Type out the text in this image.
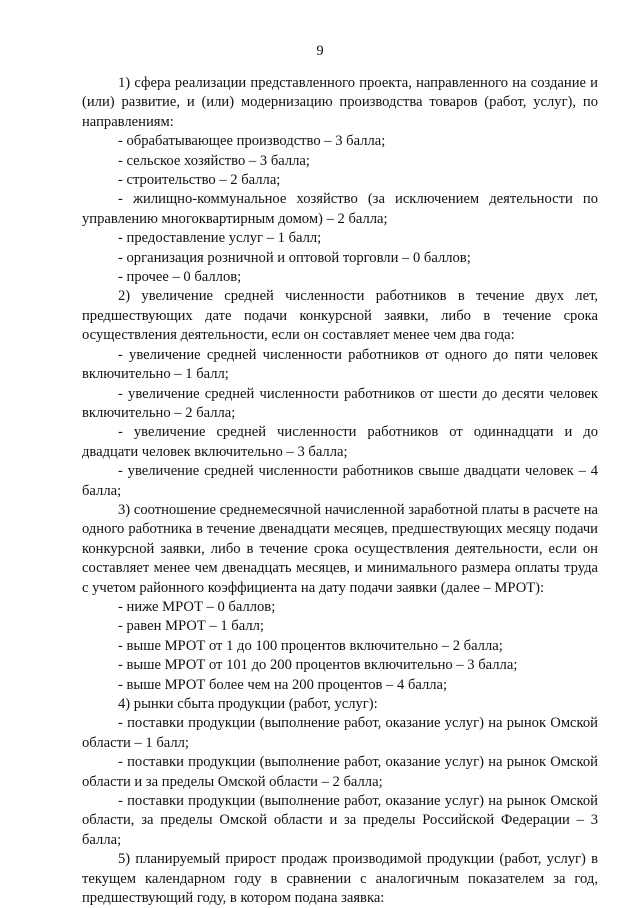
9

1) сфера реализации представленного проекта, направленного на создание и (или) развитие, и (или) модернизацию производства товаров (работ, услуг), по направлениям:

- обрабатывающее производство – 3 балла;

- сельское хозяйство – 3 балла;

- строительство – 2 балла;

- жилищно-коммунальное хозяйство (за исключением деятельности по управлению многоквартирным домом) – 2 балла;

- предоставление услуг – 1 балл;

- организация розничной и оптовой торговли – 0 баллов;

- прочее – 0 баллов;

2) увеличение средней численности работников в течение двух лет, предшествующих дате подачи конкурсной заявки, либо в течение срока осуществления деятельности, если он составляет менее чем два года:

- увеличение средней численности работников от одного до пяти человек включительно – 1 балл;

- увеличение средней численности работников от шести до десяти человек включительно – 2 балла;

- увеличение средней численности работников от одиннадцати и до двадцати человек включительно – 3 балла;

- увеличение средней численности работников свыше двадцати человек – 4 балла;

3) соотношение среднемесячной начисленной заработной платы в расчете на одного работника в течение двенадцати месяцев, предшествующих месяцу подачи конкурсной заявки, либо в течение срока осуществления деятельности, если он составляет менее чем двенадцать месяцев, и минимального размера оплаты труда с учетом районного коэффициента на дату подачи заявки (далее – МРОТ):

- ниже МРОТ – 0 баллов;

- равен МРОТ – 1 балл;

- выше МРОТ от 1 до 100 процентов включительно – 2 балла;

- выше МРОТ от 101 до 200 процентов включительно – 3 балла;

- выше МРОТ более чем на 200 процентов – 4 балла;

4) рынки сбыта продукции (работ, услуг):

- поставки продукции (выполнение работ, оказание услуг) на рынок Омской области – 1 балл;

- поставки продукции (выполнение работ, оказание услуг) на рынок Омской области и за пределы Омской области – 2 балла;

- поставки продукции (выполнение работ, оказание услуг) на рынок Омской области, за пределы Омской области и за пределы Российской Федерации – 3 балла;

5) планируемый прирост продаж производимой продукции (работ, услуг) в текущем календарном году в сравнении с аналогичным показателем за год, предшествующий году, в котором подана заявка:
